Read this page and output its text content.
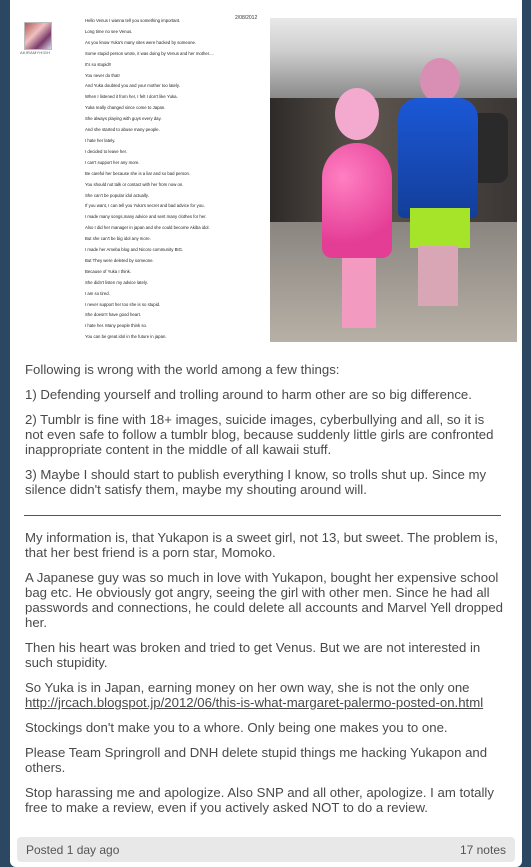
AKIRAMYHIGH
2/08/2012
Hello Venus I wanna tell you something important.
Long time no see Venus.
As you know Yuka's many sites were hacked by someone.
Some stupid person wrote, it was doing by Venus and her mother....
It's so stupid!!
You never do that!
And Yuka doubted you and your mother too lately.
When I listened it from her, I felt I don't like Yuka.
Yuka really changed since come to Japan.
She always playing with guys every day.
And she started to abuse many people.
I hate her lately.
I decided to leave her.
I can't support her any more.
Be careful her because she is a liar and so bad person.
You should not talk or contact with her from now on.
She can't be popular idol actually.
If you want, I can tell you Yuka's secret and bad advice for you.
I made many songs,many advice and sent many clothes for her.
Also I did her manager in japan and she could become Akiba idol.
But she can't be big idol any more.
I made her Ameba blog and Nicoro community BIG.
But They were deleted by someone.
Because of Yuka I think.
She didn't listen my advice lately.
I am so tired.
I never support her too she is so stupid.
She doesn't have good heart.
I hate her. Many people think so.
You can be great idol in the future in japan.

Following is wrong with the world among a few things:

1) Defending yourself and trolling around to harm other are so big difference.

2) Tumblr is fine with 18+ images, suicide images, cyberbullying and all, so it is not even safe to follow a tumblr blog, because suddenly little girls are confronted inappropriate content in the middle of all kawaii stuff.

3) Maybe I should start to publish everything I know, so trolls shut up. Since my silence didn't satisfy them, maybe my shouting around will.

My information is, that Yukapon is a sweet girl, not 13, but sweet. The problem is, that her best friend is a porn star, Momoko.

A Japanese guy was so much in love with Yukapon, bought her expensive school bag etc. He obviously got angry, seeing the girl with other men. Since he had all passwords and connections, he could delete all accounts and Marvel Yell dropped her.

Then his heart was broken and tried to get Venus. But we are not interested in such stupidity.

So Yuka is in Japan, earning money on her own way, she is not the only one
http://jrcach.blogspot.jp/2012/06/this-is-what-margaret-palermo-posted-on.html

Stockings don't make you to a whore. Only being one makes you to one.

Please Team Springroll and DNH delete stupid things me hacking Yukapon and others.

Stop harassing me and apologize. Also SNP and all other, apologize. I am totally free to make a review, even if you actively asked NOT to do a review.

Posted 1 day ago	17 notes
